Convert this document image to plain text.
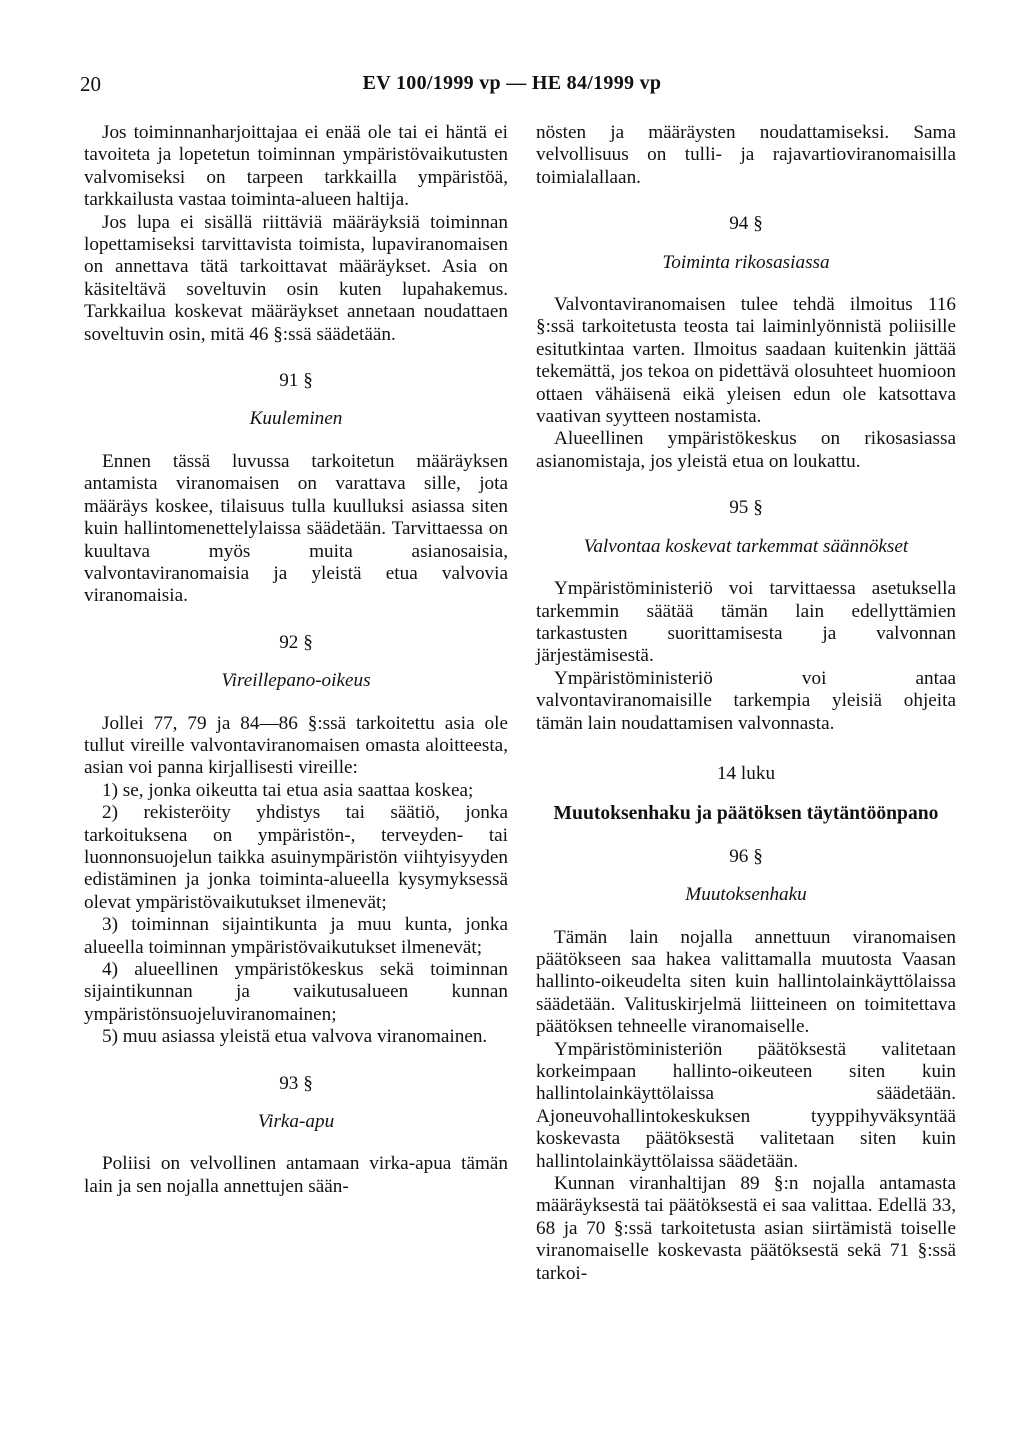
20	EV 100/1999 vp — HE 84/1999 vp

Jos toiminnanharjoittajaa ei enää ole tai ei häntä ei tavoiteta ja lopetetun toiminnan ympäristövaikutusten valvomiseksi on tarpeen tarkkailla ympäristöä, tarkkailusta vastaa toiminta-alueen haltija.

Jos lupa ei sisällä riittäviä määräyksiä toiminnan lopettamiseksi tarvittavista toimista, lupaviranomaisen on annettava tätä tarkoittavat määräykset. Asia on käsiteltävä soveltuvin osin kuten lupahakemus. Tarkkailua koskevat määräykset annetaan noudattaen soveltuvin osin, mitä 46 §:ssä säädetään.

91 §

Kuuleminen

Ennen tässä luvussa tarkoitetun määräyksen antamista viranomaisen on varattava sille, jota määräys koskee, tilaisuus tulla kuulluksi asiassa siten kuin hallintomenettelylaissa säädetään. Tarvittaessa on kuultava myös muita asianosaisia, valvontaviranomaisia ja yleistä etua valvovia viranomaisia.

92 §

Vireillepano-oikeus

Jollei 77, 79 ja 84—86 §:ssä tarkoitettu asia ole tullut vireille valvontaviranomaisen omasta aloitteesta, asian voi panna kirjallisesti vireille:

1) se, jonka oikeutta tai etua asia saattaa koskea;

2) rekisteröity yhdistys tai säätiö, jonka tarkoituksena on ympäristön-, terveyden- tai luonnonsuojelun taikka asuinympäristön viihtyisyyden edistäminen ja jonka toiminta-alueella kysymyksessä olevat ympäristövaikutukset ilmenevät;

3) toiminnan sijaintikunta ja muu kunta, jonka alueella toiminnan ympäristövaikutukset ilmenevät;

4) alueellinen ympäristökeskus sekä toiminnan sijaintikunnan ja vaikutusalueen kunnan ympäristönsuojeluviranomainen;

5) muu asiassa yleistä etua valvova viranomainen.

93 §

Virka-apu

Poliisi on velvollinen antamaan virka-apua tämän lain ja sen nojalla annettujen sään-

nösten ja määräysten noudattamiseksi. Sama velvollisuus on tulli- ja rajavartioviranomaisilla toimialallaan.

94 §

Toiminta rikosasiassa

Valvontaviranomaisen tulee tehdä ilmoitus 116 §:ssä tarkoitetusta teosta tai laiminlyönnistä poliisille esitutkintaa varten. Ilmoitus saadaan kuitenkin jättää tekemättä, jos tekoa on pidettävä olosuhteet huomioon ottaen vähäisenä eikä yleisen edun ole katsottava vaativan syytteen nostamista.

Alueellinen ympäristökeskus on rikosasiassa asianomistaja, jos yleistä etua on loukattu.

95 §

Valvontaa koskevat tarkemmat säännökset

Ympäristöministeriö voi tarvittaessa asetuksella tarkemmin säätää tämän lain edellyttämien tarkastusten suorittamisesta ja valvonnan järjestämisestä.

Ympäristöministeriö voi antaa valvontaviranomaisille tarkempia yleisiä ohjeita tämän lain noudattamisen valvonnasta.

14 luku

Muutoksenhaku ja päätöksen täytäntöönpano

96 §

Muutoksenhaku

Tämän lain nojalla annettuun viranomaisen päätökseen saa hakea valittamalla muutosta Vaasan hallinto-oikeudelta siten kuin hallintolainkäyttölaissa säädetään. Valituskirjelmä liitteineen on toimitettava päätöksen tehneelle viranomaiselle.

Ympäristöministeriön päätöksestä valitetaan korkeimpaan hallinto-oikeuteen siten kuin hallintolainkäyttölaissa säädetään. Ajoneuvohallintokeskuksen tyyppihyväksyntää koskevasta päätöksestä valitetaan siten kuin hallintolainkäyttölaissa säädetään.

Kunnan viranhaltijan 89 §:n nojalla antamasta määräyksestä tai päätöksestä ei saa valittaa. Edellä 33, 68 ja 70 §:ssä tarkoitetusta asian siirtämistä toiselle viranomaiselle koskevasta päätöksestä sekä 71 §:ssä tarkoi-
